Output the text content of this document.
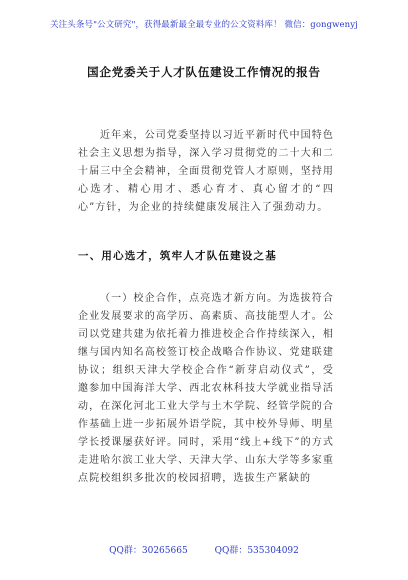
关注头条号"公文研究"，获得最新最全最专业的公文资料库！ 微信：gongwenyj
国企党委关于人才队伍建设工作情况的报告
近年来，公司党委坚持以习近平新时代中国特色社会主义思想为指导，深入学习贯彻党的二十大和二十届三中全会精神，全面贯彻党管人才原则，坚持用心选才、精心用才、悉心育才、真心留才的“四心”方针，为企业的持续健康发展注入了强劲动力。
一、用心选才，筑牢人才队伍建设之基
（一）校企合作，点亮选才新方向。为选拔符合企业发展要求的高学历、高素质、高技能型人才。公司以党建共建为依托着力推进校企合作持续深入，相继与国内知名高校签订校企战略合作协议、党建联建协议；组织天津大学校企合作“新芽启动仪式”，受邀参加中国海洋大学、西北农林科技大学就业指导活动，在深化河北工业大学与土木学院、经管学院的合作基础上进一步拓展外语学院，其中校外导师、明星学长授课屡获好评。同时，采用“线上+线下”的方式走进哈尔滨工业大学、天津大学、山东大学等多家重点院校组织多批次的校园招聘，选拔生产紧缺的
QQ群：30265665	QQ群：535304092
